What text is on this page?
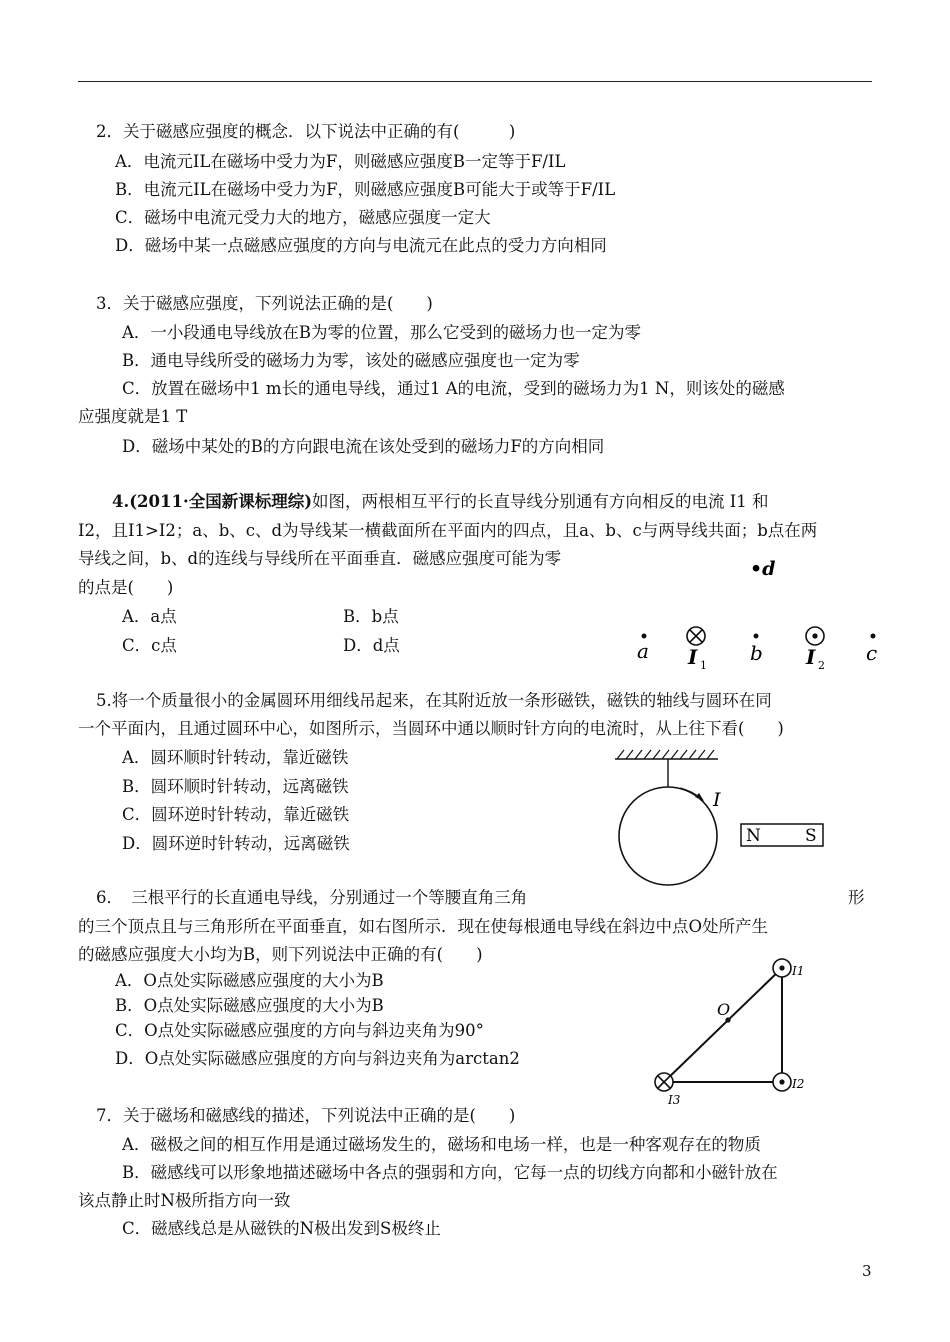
2．关于磁感应强度的概念．以下说法中正确的有(　　　)
A．电流元IL在磁场中受力为F，则磁感应强度B一定等于F/IL
B．电流元IL在磁场中受力为F，则磁感应强度B可能大于或等于F/IL
C．磁场中电流元受力大的地方，磁感应强度一定大
D．磁场中某一点磁感应强度的方向与电流元在此点的受力方向相同
3．关于磁感应强度，下列说法正确的是(　　)
A．一小段通电导线放在B为零的位置，那么它受到的磁场力也一定为零
B．通电导线所受的磁场力为零，该处的磁感应强度也一定为零
C．放置在磁场中1 m长的通电导线，通过1 A的电流，受到的磁场力为1 N，则该处的磁感
应强度就是1 T
D．磁场中某处的B的方向跟电流在该处受到的磁场力F的方向相同
4.(2011·全国新课标理综)如图，两根相互平行的长直导线分别通有方向相反的电流 I1 和
I2，且I1>I2；a、b、c、d为导线某一横截面所在平面内的四点，且a、b、c与两导线共面；b点在两
导线之间，b、d的连线与导线所在平面垂直．磁感应强度可能为零
的点是(　　)
A．a点	B．b点
C．c点	D．d点
•d
a I 1
b I 2
c
5.将一个质量很小的金属圆环用细线吊起来，在其附近放一条形磁铁，磁铁的轴线与圆环在同
一个平面内，且通过圆环中心，如图所示，当圆环中通以顺时针方向的电流时，从上往下看(　　)
A．圆环顺时针转动，靠近磁铁
B．圆环顺时针转动，远离磁铁
C．圆环逆时针转动，靠近磁铁
D．圆环逆时针转动，远离磁铁
I
N	S
6．　三根平行的长直通电导线，分别通过一个等腰直角三角	形
的三个顶点且与三角形所在平面垂直，如右图所示．现在使每根通电导线在斜边中点O处所产生
的磁感应强度大小均为B，则下列说法中正确的有(　　)
A．O点处实际磁感应强度的大小为B
B．O点处实际磁感应强度的大小为B
C．O点处实际磁感应强度的方向与斜边夹角为90°
D．O点处实际磁感应强度的方向与斜边夹角为arctan2
O
I1
I2
I3
7．关于磁场和磁感线的描述，下列说法中正确的是(　　)
A．磁极之间的相互作用是通过磁场发生的，磁场和电场一样，也是一种客观存在的物质
B．磁感线可以形象地描述磁场中各点的强弱和方向，它每一点的切线方向都和小磁针放在
该点静止时N极所指方向一致
C．磁感线总是从磁铁的N极出发到S极终止
3
